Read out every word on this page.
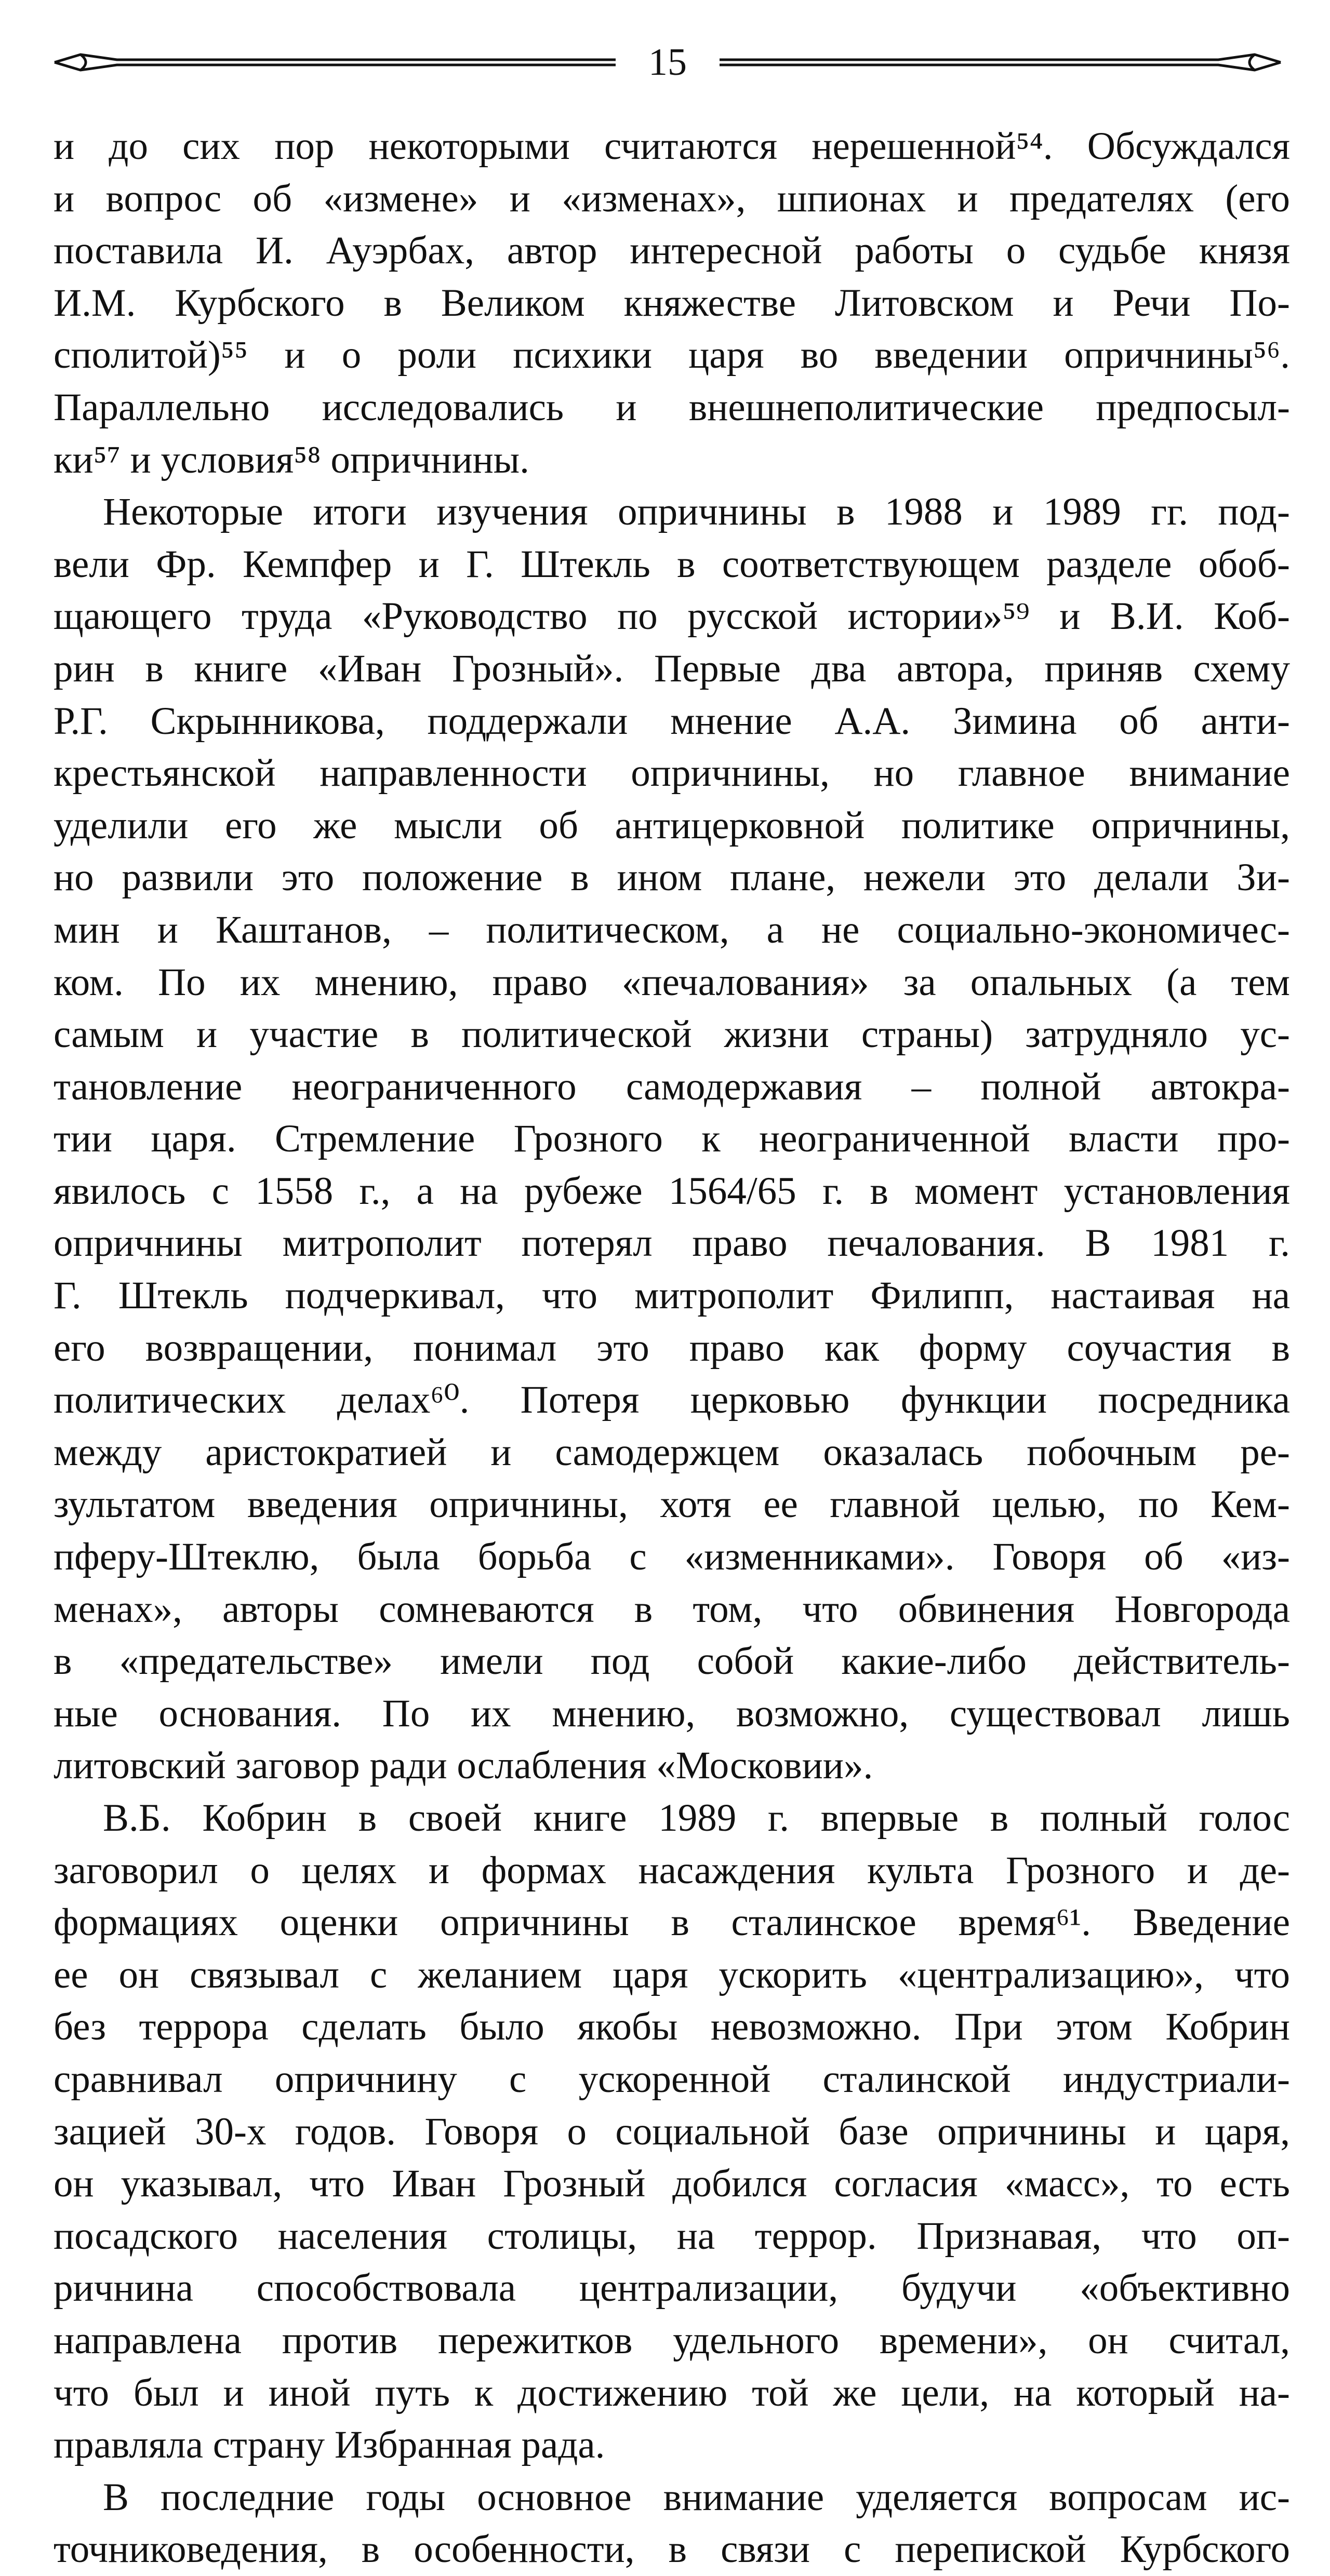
15
и до сих пор некоторыми считаются нерешенной⁵⁴. Обсуждался
и вопрос об «измене» и «изменах», шпионах и предателях (его
поставила И. Ауэрбах, автор интересной работы о судьбе князя
И.М. Курбского в Великом княжестве Литовском и Речи По-
сполитой)⁵⁵ и о роли психики царя во введении опричнины⁵⁶.
Параллельно исследовались и внешнеполитические предпосыл-
ки⁵⁷ и условия⁵⁸ опричнины.
Некоторые итоги изучения опричнины в 1988 и 1989 гг. под-
вели Фр. Кемпфер и Г. Штекль в соответствующем разделе обоб-
щающего труда «Руководство по русской истории»⁵⁹ и В.И. Коб-
рин в книге «Иван Грозный». Первые два автора, приняв схему
Р.Г. Скрынникова, поддержали мнение А.А. Зимина об анти-
крестьянской направленности опричнины, но главное внимание
уделили его же мысли об антицерковной политике опричнины,
но развили это положение в ином плане, нежели это делали Зи-
мин и Каштанов, – политическом, а не социально-экономичес-
ком. По их мнению, право «печалования» за опальных (а тем
самым и участие в политической жизни страны) затрудняло ус-
тановление неограниченного самодержавия – полной автокра-
тии царя. Стремление Грозного к неограниченной власти про-
явилось с 1558 г., а на рубеже 1564/65 г. в момент установления
опричнины митрополит потерял право печалования. В 1981 г.
Г. Штекль подчеркивал, что митрополит Филипп, настаивая на
его возвращении, понимал это право как форму соучастия в
политических делах⁶⁰. Потеря церковью функции посредника
между аристократией и самодержцем оказалась побочным ре-
зультатом введения опричнины, хотя ее главной целью, по Кем-
пферу-Штеклю, была борьба с «изменниками». Говоря об «из-
менах», авторы сомневаются в том, что обвинения Новгорода
в «предательстве» имели под собой какие-либо действитель-
ные основания. По их мнению, возможно, существовал лишь
литовский заговор ради ослабления «Московии».
В.Б. Кобрин в своей книге 1989 г. впервые в полный голос
заговорил о целях и формах насаждения культа Грозного и де-
формациях оценки опричнины в сталинское время⁶¹. Введение
ее он связывал с желанием царя ускорить «централизацию», что
без террора сделать было якобы невозможно. При этом Кобрин
сравнивал опричнину с ускоренной сталинской индустриали-
зацией 30-х годов. Говоря о социальной базе опричнины и царя,
он указывал, что Иван Грозный добился согласия «масс», то есть
посадского населения столицы, на террор. Признавая, что оп-
ричнина способствовала централизации, будучи «объективно
направлена против пережитков удельного времени», он считал,
что был и иной путь к достижению той же цели, на который на-
правляла страну Избранная рада.
В последние годы основное внимание уделяется вопросам ис-
точниковедения, в особенности, в связи с перепиской Курбского
